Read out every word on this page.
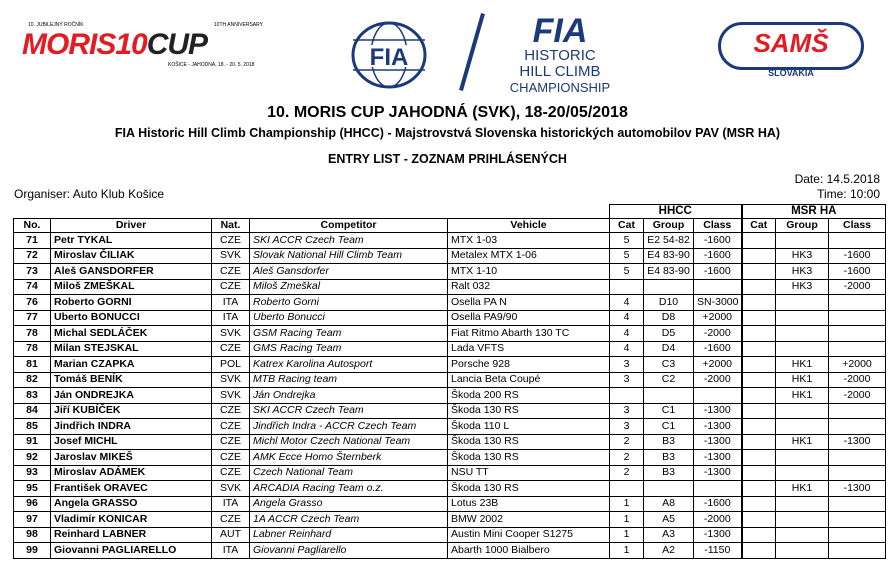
10. JUBILEJNÝ ROČNÍK	10TH ANNIVERSARY
MORIS10CUP
KOŠICE - JAHODNÁ, 18. - 20. 5. 2018	FIA
FIA
HISTORIC
HILL CLIMB
CHAMPIONSHIP
SAMŠ
SLOVAKIA
10. MORIS CUP JAHODNÁ (SVK), 18-20/05/2018
FIA Historic Hill Climb Championship (HHCC) - Majstrovstvá Slovenska historických automobilov PAV (MSR HA)
ENTRY LIST - ZOZNAM PRIHLÁSENÝCH
Date: 14.5.2018
Time: 10:00
Organiser: Auto Klub Košice
					HHCC			MSR HA		
No.	Driver	Nat.	Competitor	Vehicle	Cat	Group	Class	Cat	Group	Class
71	Petr TYKAL	CZE	SKI ACCR Czech Team	MTX 1-03	5	E2 54-82	-1600			
72	Miroslav ČILIAK	SVK	Slovak National Hill Climb Team	Metalex MTX 1-06	5	E4 83-90	-1600		HK3	-1600
73	Aleš GANSDORFER	CZE	Aleš Gansdorfer	MTX 1-10	5	E4 83-90	-1600		HK3	-1600
74	Miloš ZMEŠKAL	CZE	Miloš Zmeškal	Ralt 032					HK3	-2000
76	Roberto GORNI	ITA	Roberto Gorni	Osella PA N	4	D10	SN-3000			
77	Uberto BONUCCI	ITA	Uberto Bonucci	Osella PA9/90	4	D8	+2000			
78	Michal SEDLÁČEK	SVK	GSM Racing Team	Fiat Ritmo Abarth 130 TC	4	D5	-2000			
78	Milan STEJSKAL	CZE	GMS Racing Team	Lada VFTS	4	D4	-1600			
81	Marian CZAPKA	POL	Katrex Karolina Autosport	Porsche 928	3	C3	+2000		HK1	+2000
82	Tomáš BENÍK	SVK	MTB Racing team	Lancia Beta Coupé	3	C2	-2000		HK1	-2000
83	Ján ONDREJKA	SVK	Ján Ondrejka	Škoda 200 RS					HK1	-2000
84	Jiří KUBÍČEK	CZE	SKI ACCR Czech Team	Škoda 130 RS	3	C1	-1300			
85	Jindřich INDRA	CZE	Jindřich Indra - ACCR Czech Team	Škoda 110 L	3	C1	-1300			
91	Josef MICHL	CZE	Michl Motor Czech National Team	Škoda 130 RS	2	B3	-1300		HK1	-1300
92	Jaroslav MIKEŠ	CZE	AMK Ecce Homo Šternberk	Škoda 130 RS	2	B3	-1300			
93	Miroslav ADÁMEK	CZE	Czech National Team	NSU TT	2	B3	-1300			
95	František ORAVEC	SVK	ARCADIA Racing Team o.z.	Škoda 130 RS					HK1	-1300
96	Angela GRASSO	ITA	Angela Grasso	Lotus 23B	1	A8	-1600			
97	Vladimír KONICAR	CZE	1A ACCR Czech Team	BMW 2002	1	A5	-2000			
98	Reinhard LABNER	AUT	Labner Reinhard	Austin Mini Cooper S1275	1	A3	-1300			
99	Giovanni PAGLIARELLO	ITA	Giovanni Pagliarello	Abarth 1000 Bialbero	1	A2	-1150			
